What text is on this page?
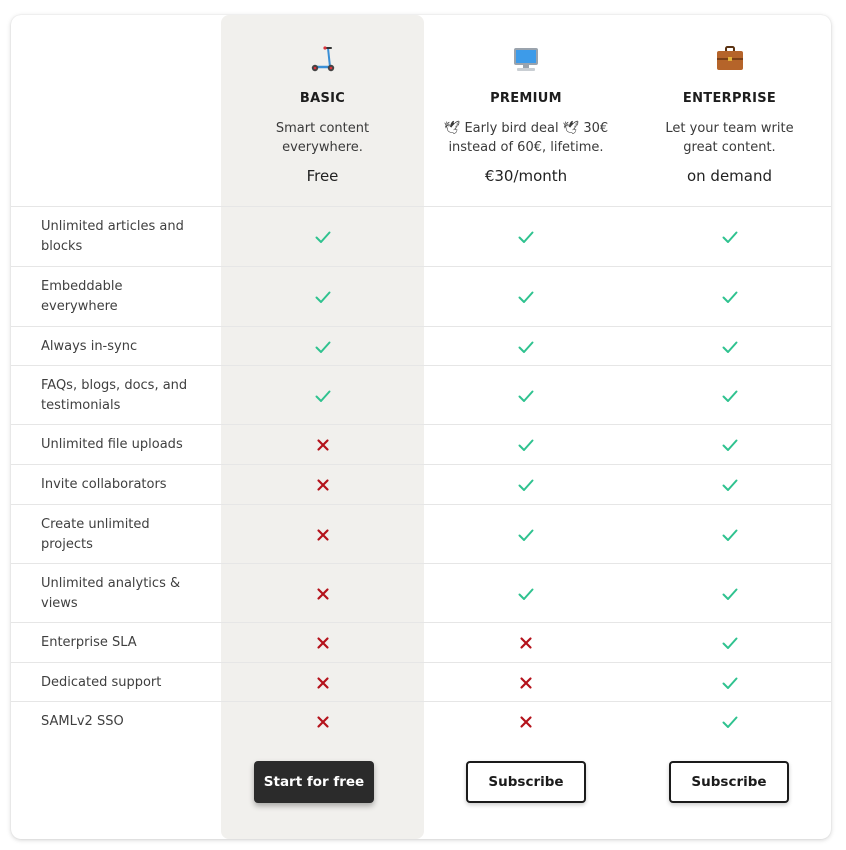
BASIC
Smart content
everywhere.
Free
PREMIUM
🕊 Early bird deal 🕊 30€
instead of 60€, lifetime.
€30/month
ENTERPRISE
Let your team write
great content.
on demand
Unlimited articles and blocks
Embeddable everywhere
Always in-sync
FAQs, blogs, docs, and testimonials
Unlimited file uploads
Invite collaborators
Create unlimited projects
Unlimited analytics & views
Enterprise SLA
Dedicated support
SAMLv2 SSO
Start for free	Subscribe	Subscribe
